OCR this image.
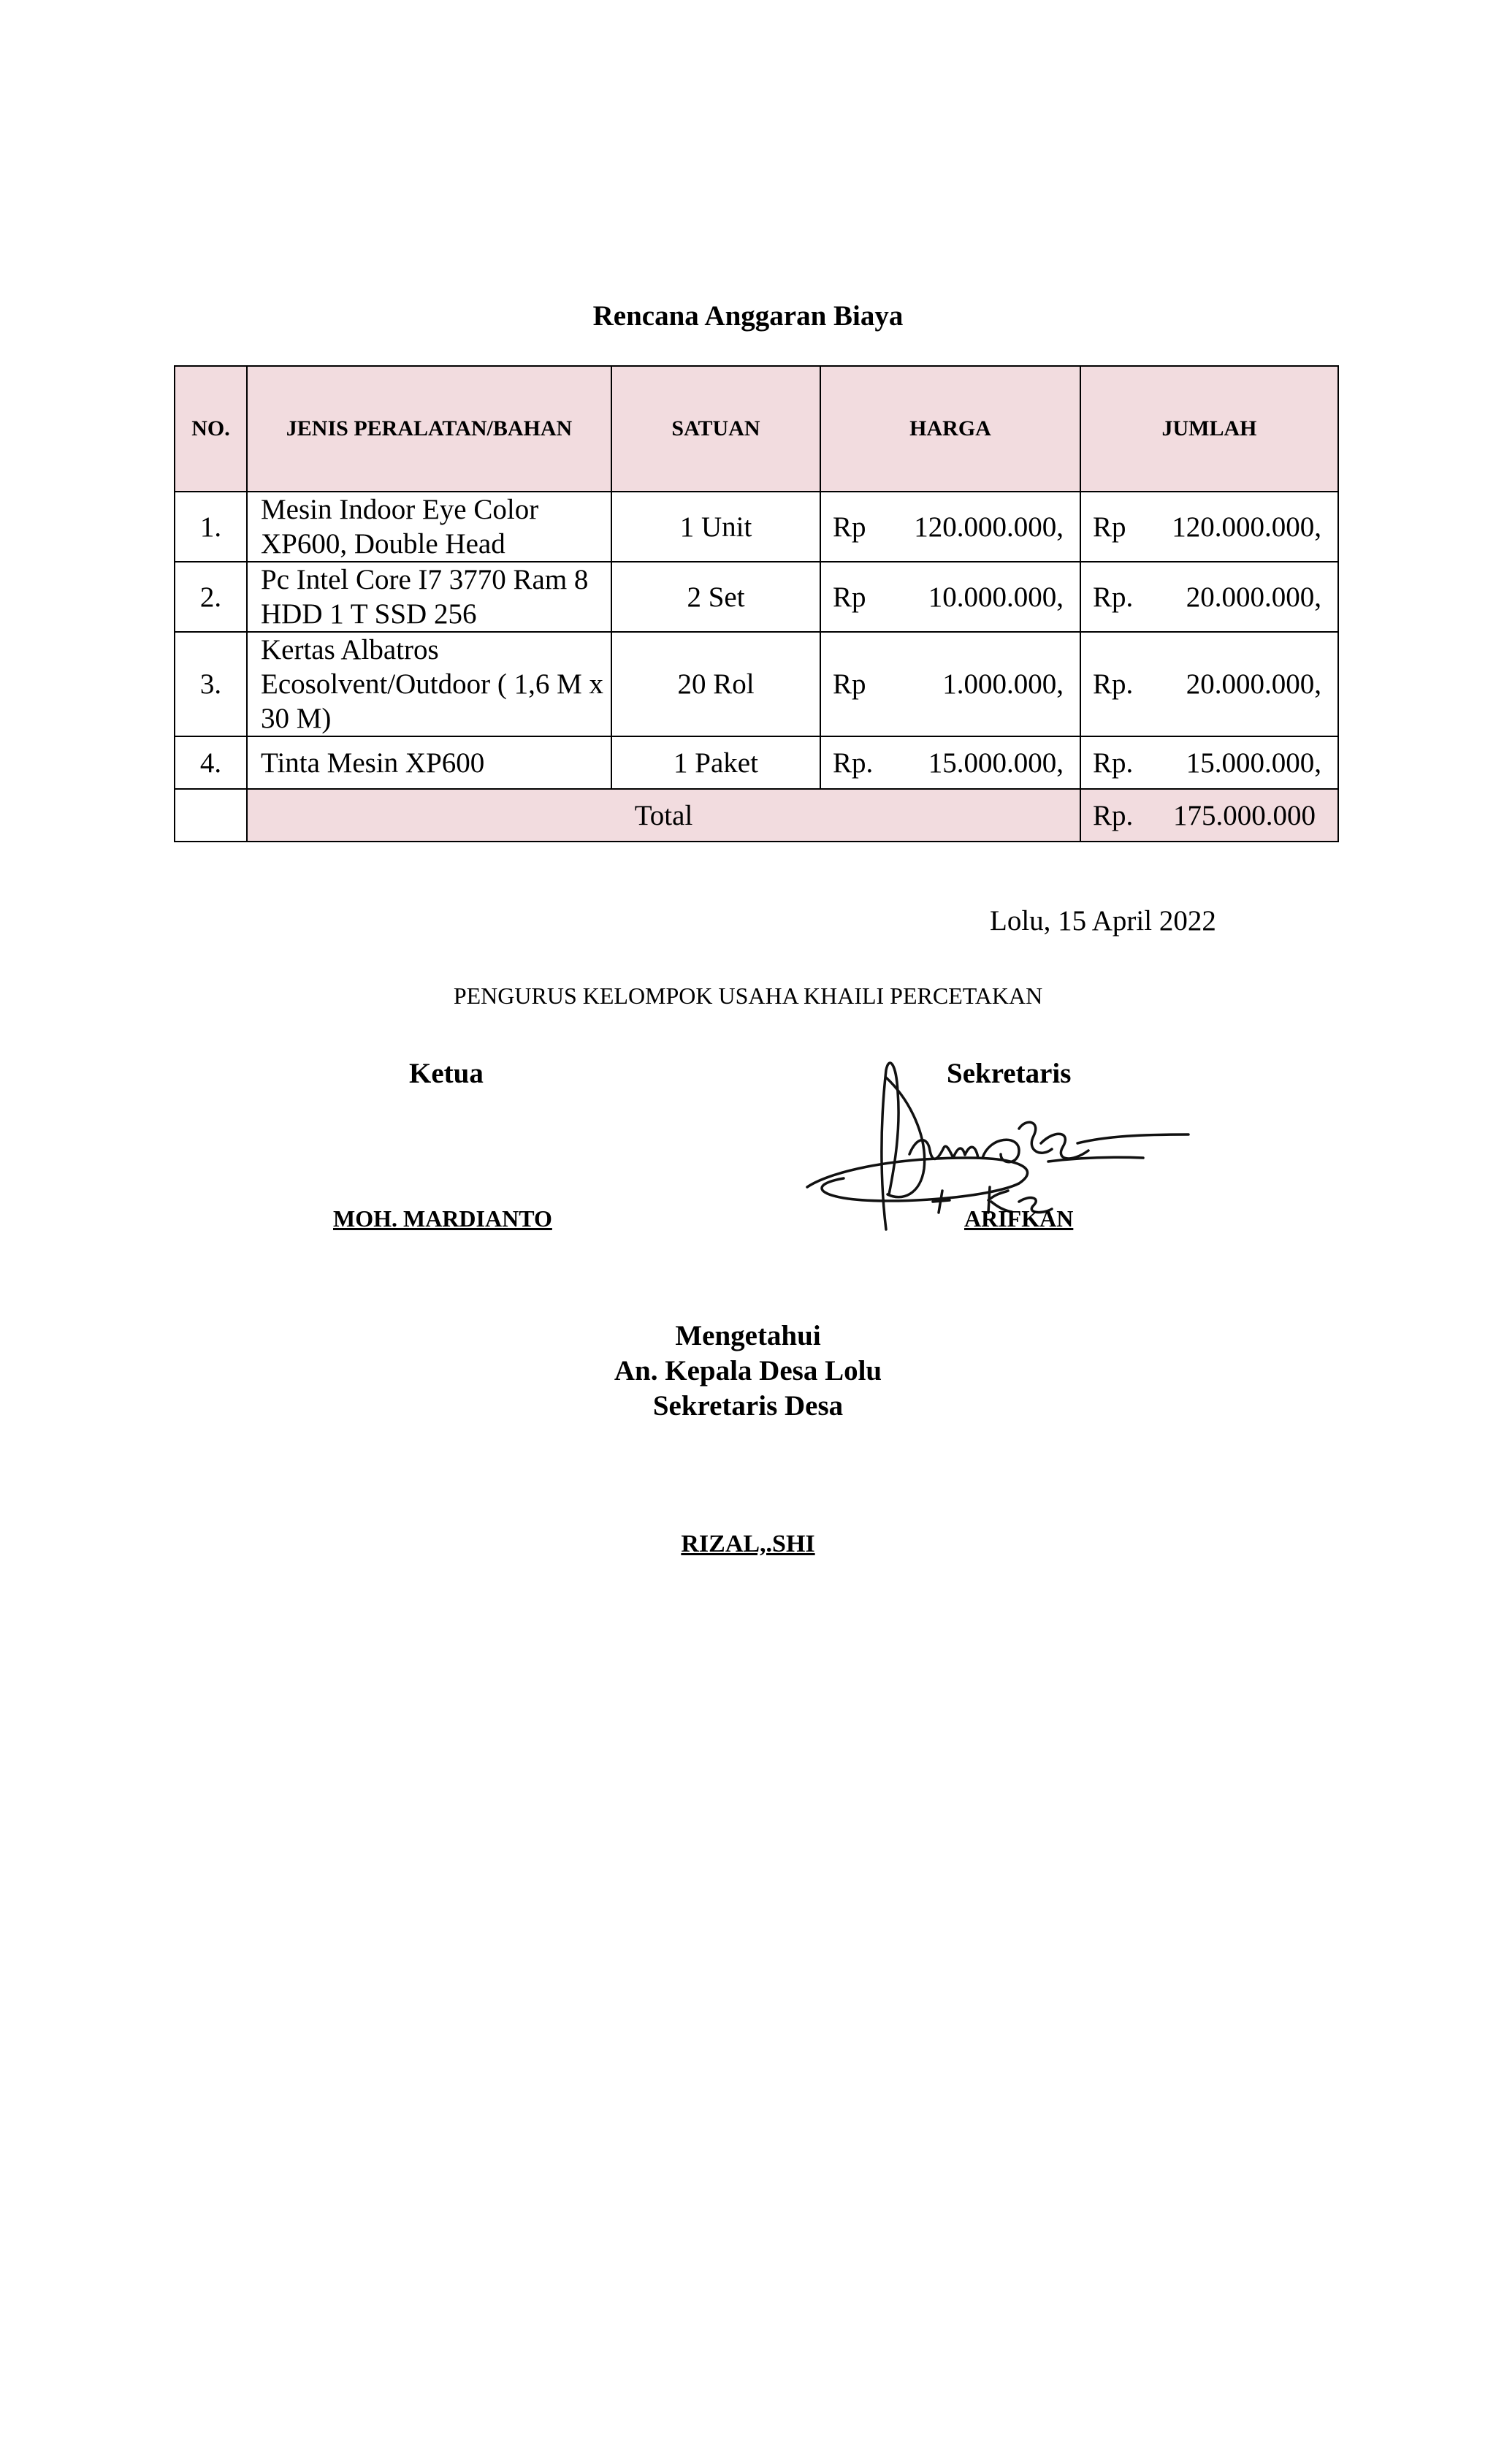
Rencana Anggaran Biaya
NO.	JENIS PERALATAN/BAHAN	SATUAN	HARGA	JUMLAH
1.	Mesin Indoor Eye Color XP600, Double Head	1 Unit	Rp 120.000.000,	Rp 120.000.000,

2.	Pc Intel Core I7 3770 Ram 8 HDD 1 T SSD 256	2 Set	Rp 10.000.000,	Rp. 20.000.000,

3.	Kertas Albatros Ecosolvent/Outdoor ( 1,6 M x 30 M)	20 Rol	Rp 1.000.000,	Rp. 20.000.000,

4.	Tinta Mesin XP600	1 Paket	Rp. 15.000.000,	Rp. 15.000.000,

	Total			Rp. 175.000.000
Lolu, 15 April 2022
PENGURUS KELOMPOK USAHA KHAILI PERCETAKAN
Ketua	Sekretaris
MOH. MARDIANTO	ARIFKAN
Mengetahui
An. Kepala Desa Lolu
Sekretaris Desa
RIZAL,.SHI
